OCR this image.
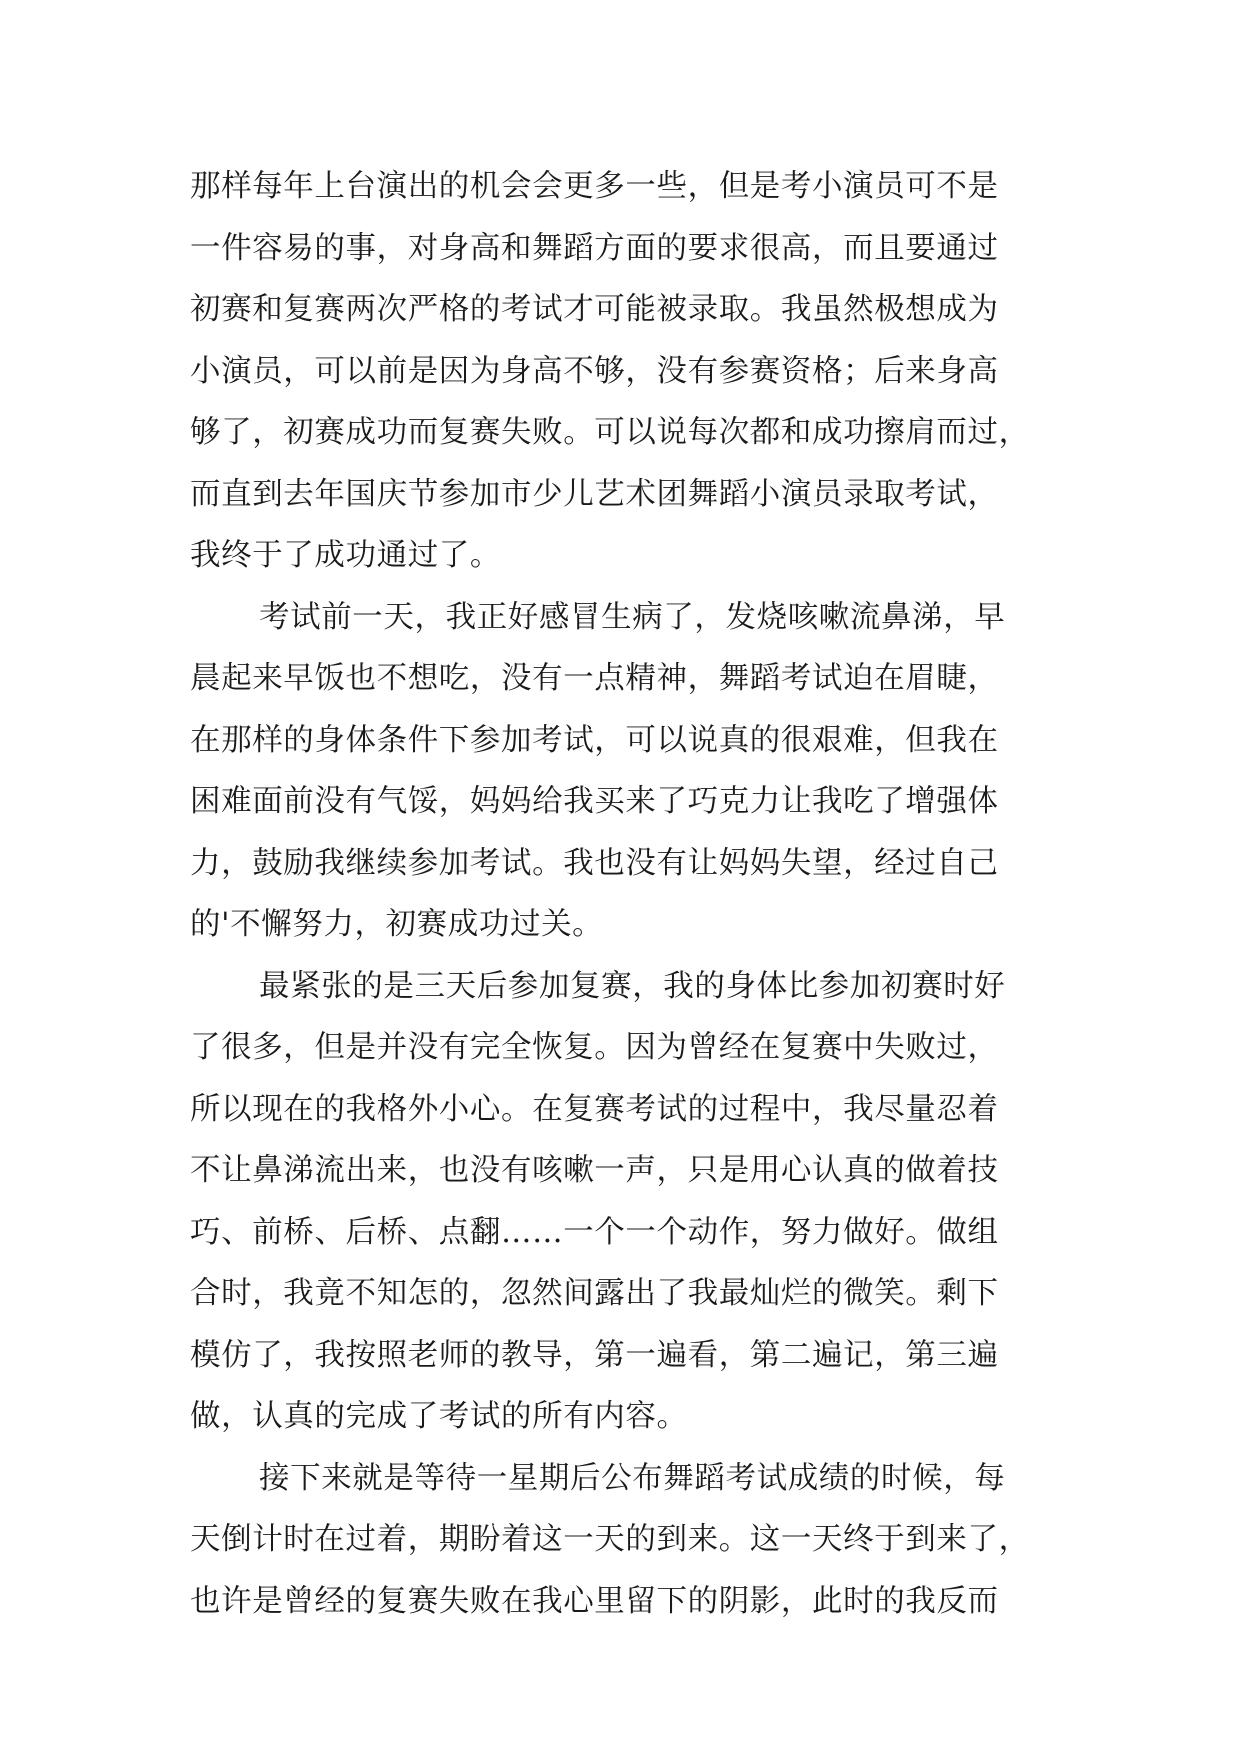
那样每年上台演出的机会会更多一些，但是考小演员可不是
一件容易的事，对身高和舞蹈方面的要求很高，而且要通过
初赛和复赛两次严格的考试才可能被录取。我虽然极想成为
小演员，可以前是因为身高不够，没有参赛资格；后来身高
够了，初赛成功而复赛失败。可以说每次都和成功擦肩而过，
而直到去年国庆节参加市少儿艺术团舞蹈小演员录取考试，
我终于了成功通过了。
考试前一天，我正好感冒生病了，发烧咳嗽流鼻涕，早
晨起来早饭也不想吃，没有一点精神，舞蹈考试迫在眉睫，
在那样的身体条件下参加考试，可以说真的很艰难，但我在
困难面前没有气馁，妈妈给我买来了巧克力让我吃了增强体
力，鼓励我继续参加考试。我也没有让妈妈失望，经过自己
的'不懈努力，初赛成功过关。
最紧张的是三天后参加复赛，我的身体比参加初赛时好
了很多，但是并没有完全恢复。因为曾经在复赛中失败过，
所以现在的我格外小心。在复赛考试的过程中，我尽量忍着
不让鼻涕流出来，也没有咳嗽一声，只是用心认真的做着技
巧、前桥、后桥、点翻……一个一个动作，努力做好。做组
合时，我竟不知怎的，忽然间露出了我最灿烂的微笑。剩下
模仿了，我按照老师的教导，第一遍看，第二遍记，第三遍
做，认真的完成了考试的所有内容。
接下来就是等待一星期后公布舞蹈考试成绩的时候，每
天倒计时在过着，期盼着这一天的到来。这一天终于到来了，
也许是曾经的复赛失败在我心里留下的阴影，此时的我反而
